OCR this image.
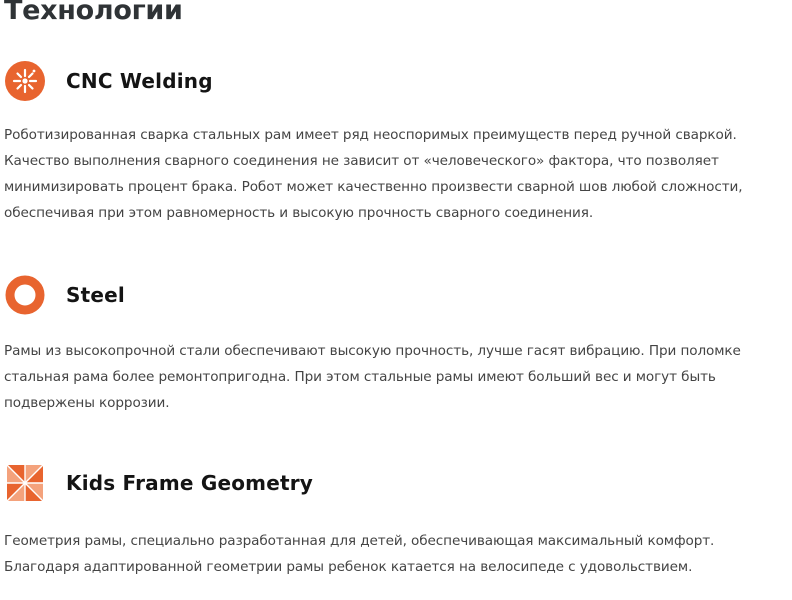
Технологии
CNC Welding

Роботизированная сварка стальных рам имеет ряд неоспоримых преимуществ перед ручной сваркой. Качество выполнения сварного соединения не зависит от «человеческого» фактора, что позволяет минимизировать процент брака. Робот может качественно произвести сварной шов любой сложности, обеспечивая при этом равномерность и высокую прочность сварного соединения.

Steel

Рамы из высокопрочной стали обеспечивают высокую прочность, лучше гасят вибрацию. При поломке стальная рама более ремонтопригодна. При этом стальные рамы имеют больший вес и могут быть подвержены коррозии.

Kids Frame Geometry

Геометрия рамы, специально разработанная для детей, обеспечивающая максимальный комфорт. Благодаря адаптированной геометрии рамы ребенок катается на велосипеде с удовольствием.
